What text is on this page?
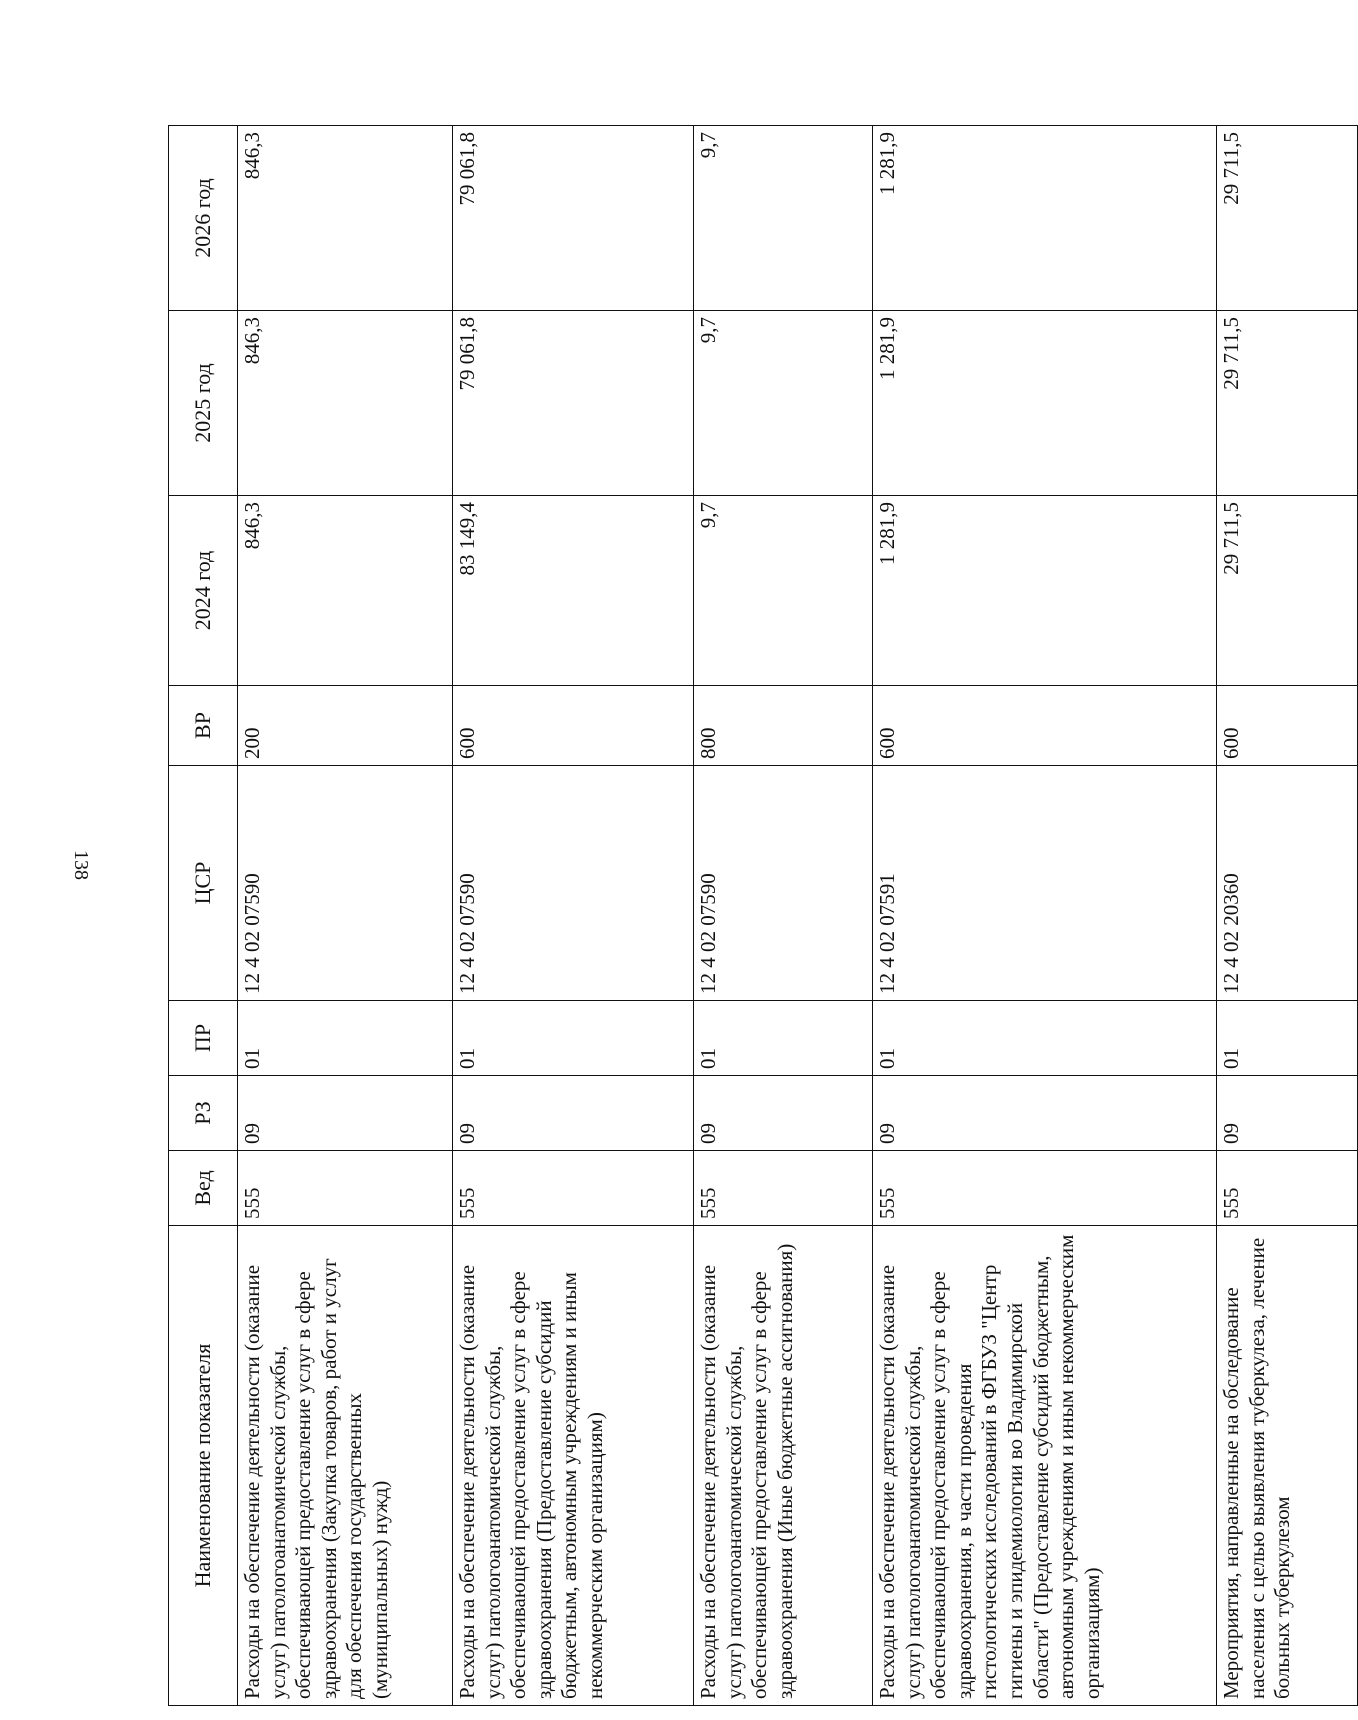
138
Наименование показателя	Вед	РЗ	ПР	ЦСР	ВР	2024 год	2025 год	2026 год
Расходы на обеспечение деятельности (оказание услуг) патологоанатомической службы, обеспечивающей предоставление услуг в сфере здравоохранения (Закупка товаров, работ и услуг для обеспечения государственных (муниципальных) нужд)	555	09	01	12 4 02 07590	200	846,3	846,3	846,3
Расходы на обеспечение деятельности (оказание услуг) патологоанатомической службы, обеспечивающей предоставление услуг в сфере здравоохранения (Предоставление субсидий бюджетным, автономным учреждениям и иным некоммерческим организациям)	555	09	01	12 4 02 07590	600	83 149,4	79 061,8	79 061,8
Расходы на обеспечение деятельности (оказание услуг) патологоанатомической службы, обеспечивающей предоставление услуг в сфере здравоохранения (Иные бюджетные ассигнования)	555	09	01	12 4 02 07590	800	9,7	9,7	9,7
Расходы на обеспечение деятельности (оказание услуг) патологоанатомической службы, обеспечивающей предоставление услуг в сфере здравоохранения, в части проведения гистологических исследований в ФГБУЗ "Центр гигиены и эпидемиологии во Владимирской области" (Предоставление субсидий бюджетным, автономным учреждениям и иным некоммерческим организациям)	555	09	01	12 4 02 07591	600	1 281,9	1 281,9	1 281,9
Мероприятия, направленные на обследование населения с целью выявления туберкулеза, лечение больных туберкулезом	555	09	01	12 4 02 20360	600	29 711,5	29 711,5	29 711,5
